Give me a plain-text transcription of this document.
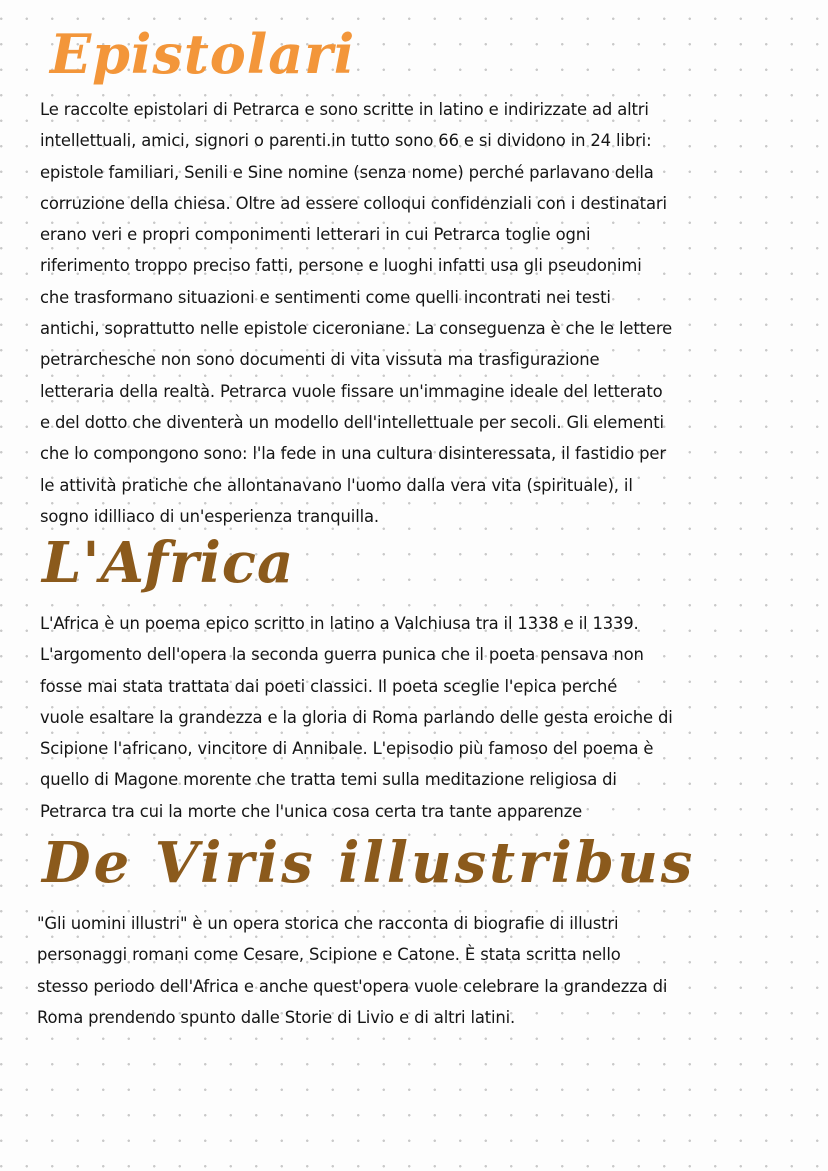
Epistolari
Le raccolte epistolari di Petrarca e sono scritte in latino e indirizzate ad altri
intellettuali, amici, signori o parenti.in tutto sono 66 e si dividono in 24 libri:
epistole familiari, Senili e Sine nomine (senza nome) perché parlavano della
corruzione della chiesa. Oltre ad essere colloqui confidenziali con i destinatari
erano veri e propri componimenti letterari in cui Petrarca toglie ogni
riferimento troppo preciso fatti, persone e luoghi infatti usa gli pseudonimi
che trasformano situazioni e sentimenti come quelli incontrati nei testi
antichi, soprattutto nelle epistole ciceroniane. La conseguenza è che le lettere
petrarchesche non sono documenti di vita vissuta ma trasfigurazione
letteraria della realtà. Petrarca vuole fissare un'immagine ideale del letterato
e del dotto che diventerà un modello dell'intellettuale per secoli. Gli elementi
che lo compongono sono: l'la fede in una cultura disinteressata, il fastidio per
le attività pratiche che allontanavano l'uomo dalla vera vita (spirituale), il
sogno idilliaco di un'esperienza tranquilla.
L'Africa
L'Africa è un poema epico scritto in latino a Valchiusa tra il 1338 e il 1339.
L'argomento dell'opera la seconda guerra punica che il poeta pensava non
fosse mai stata trattata dai poeti classici. Il poeta sceglie l'epica perché
vuole esaltare la grandezza e la gloria di Roma parlando delle gesta eroiche di
Scipione l'africano, vincitore di Annibale. L'episodio più famoso del poema è
quello di Magone morente che tratta temi sulla meditazione religiosa di
Petrarca tra cui la morte che l'unica cosa certa tra tante apparenze
De Viris illustribus
"Gli uomini illustri" è un opera storica che racconta di biografie di illustri
personaggi romani come Cesare, Scipione e Catone. È stata scritta nello
stesso periodo dell'Africa e anche quest'opera vuole celebrare la grandezza di
Roma prendendo spunto dalle Storie di Livio e di altri latini.
